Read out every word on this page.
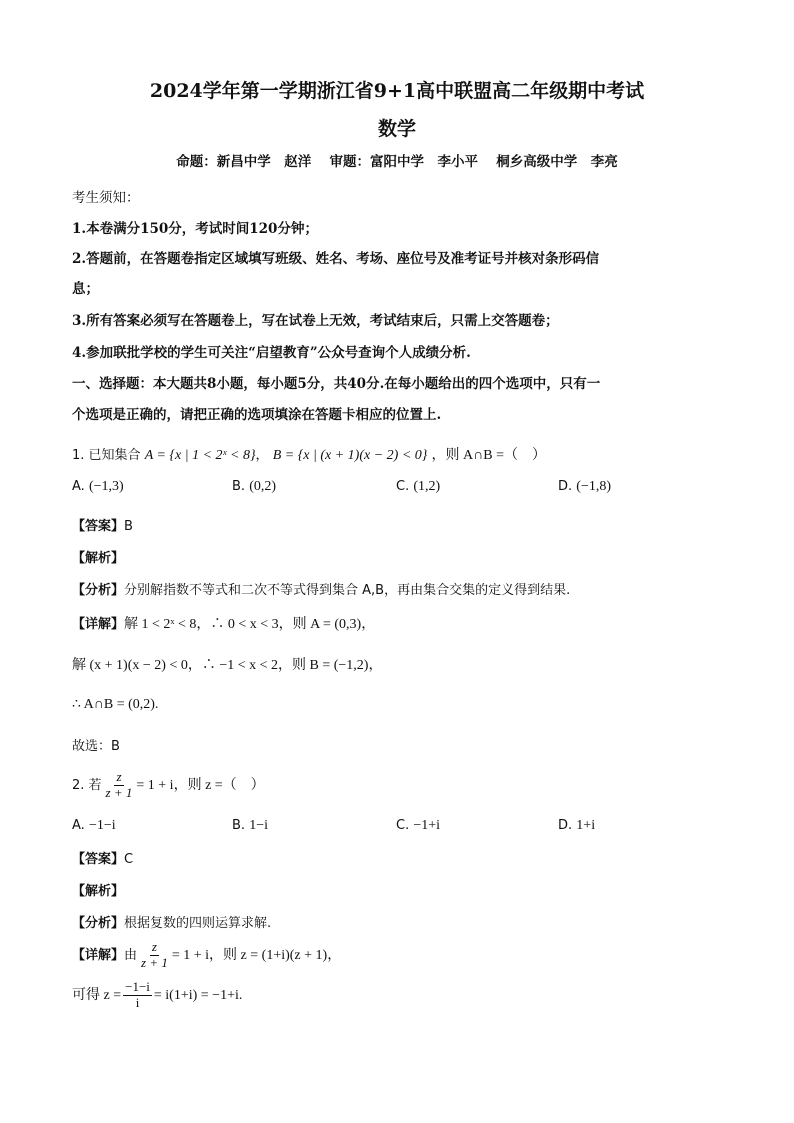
2024学年第一学期浙江省9+1高中联盟高二年级期中考试
数学
命题：新昌中学　赵洋　 审题：富阳中学　李小平　 桐乡高级中学　李亮
考生须知：
1.本卷满分150分，考试时间120分钟；
2.答题前，在答题卷指定区域填写班级、姓名、考场、座位号及准考证号并核对条形码信
息；
3.所有答案必须写在答题卷上，写在试卷上无效，考试结束后，只需上交答题卷；
4.参加联批学校的学生可关注“启望教育”公众号查询个人成绩分析.
一、选择题：本大题共8小题，每小题5分，共40分.在每小题给出的四个选项中，只有一
个选项是正确的，请把正确的选项填涂在答题卡相应的位置上.
1. 已知集合 A = {x | 1 < 2ˣ < 8}， B = {x | (x + 1)(x − 2) < 0} ，则 A∩B =（　）
A. (−1,3)	B. (0,2)	C. (1,2)	D. (−1,8)
【答案】B
【解析】
【分析】分别解指数不等式和二次不等式得到集合 A,B，再由集合交集的定义得到结果.
【详解】解 1 < 2ˣ < 8，∴ 0 < x < 3，则 A = (0,3)，
解 (x + 1)(x − 2) < 0，∴ −1 < x < 2，则 B = (−1,2)，
∴ A∩B = (0,2).
故选：B
2. 若 $\frac{z}{z + 1} = 1 + i$，则 z =（　）
A. −1−i	B. 1−i	C. −1+i	D. 1+i
【答案】C
【解析】
【分析】根据复数的四则运算求解.
【详解】由 $\frac{z}{z + 1} = 1 + i$，则 z = (1+i)(z + 1)，
可得 $z = \frac{-1-i}{i} = i(1+i) = -1+i$.
